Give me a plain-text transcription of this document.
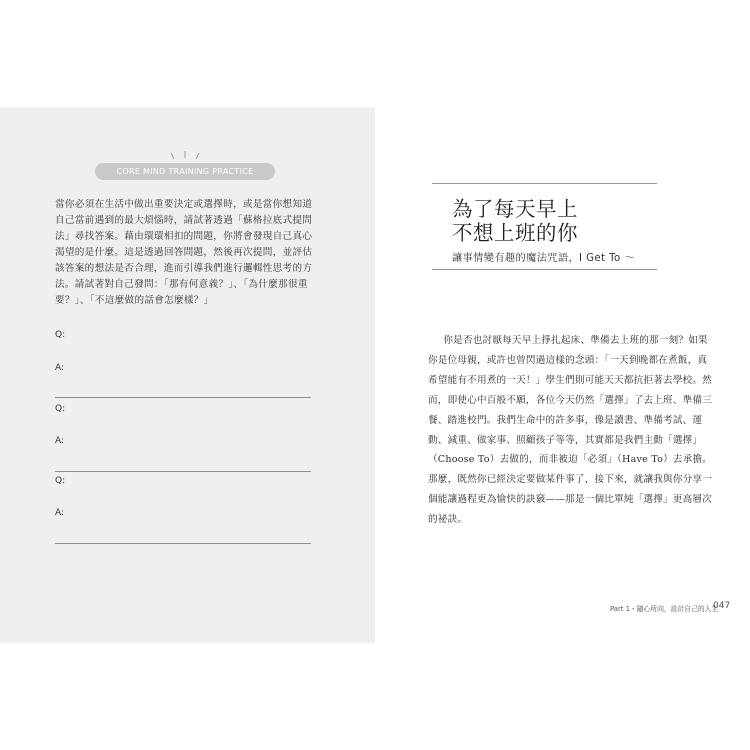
CORE MIND TRAINING PRACTICE

當你必須在生活中做出重要決定或選擇時，或是當你想知道自己當前遇到的最大煩惱時，請試著透過「蘇格拉底式提問法」尋找答案。藉由環環相扣的問題，你將會發現自己真心渴望的是什麼。這是透過回答問題，然後再次提問，並評估該答案的想法是否合理，進而引導我們進行邏輯性思考的方法。請試著對自己發問：「那有何意義？」、「為什麼那很重要？」、「不這麼做的話會怎麼樣？」

Q:
A:
Q:
A:
Q:
A:
為了每天早上
不想上班的你
讓事情變有趣的魔法咒語，I Get To ～

你是否也討厭每天早上掙扎起床、準備去上班的那一刻？如果你是位母親，或許也曾閃過這樣的念頭：「一天到晚都在煮飯，真希望能有不用煮的一天！」學生們則可能天天都抗拒著去學校。然而，即使心中百般不願，各位今天仍然「選擇」了去上班、準備三餐、踏進校門。我們生命中的許多事，像是讀書、準備考試、運動、減重、做家事、照顧孩子等等，其實都是我們主動「選擇」（Choose To）去做的，而非被迫「必須」（Have To）去承擔。那麼，既然你已經決定要做某件事了，接下來，就讓我與你分享一個能讓過程更為愉快的訣竅——那是一個比單純「選擇」更高層次的祕訣。

Part 1・隨心所向，設計自己的人生
047
